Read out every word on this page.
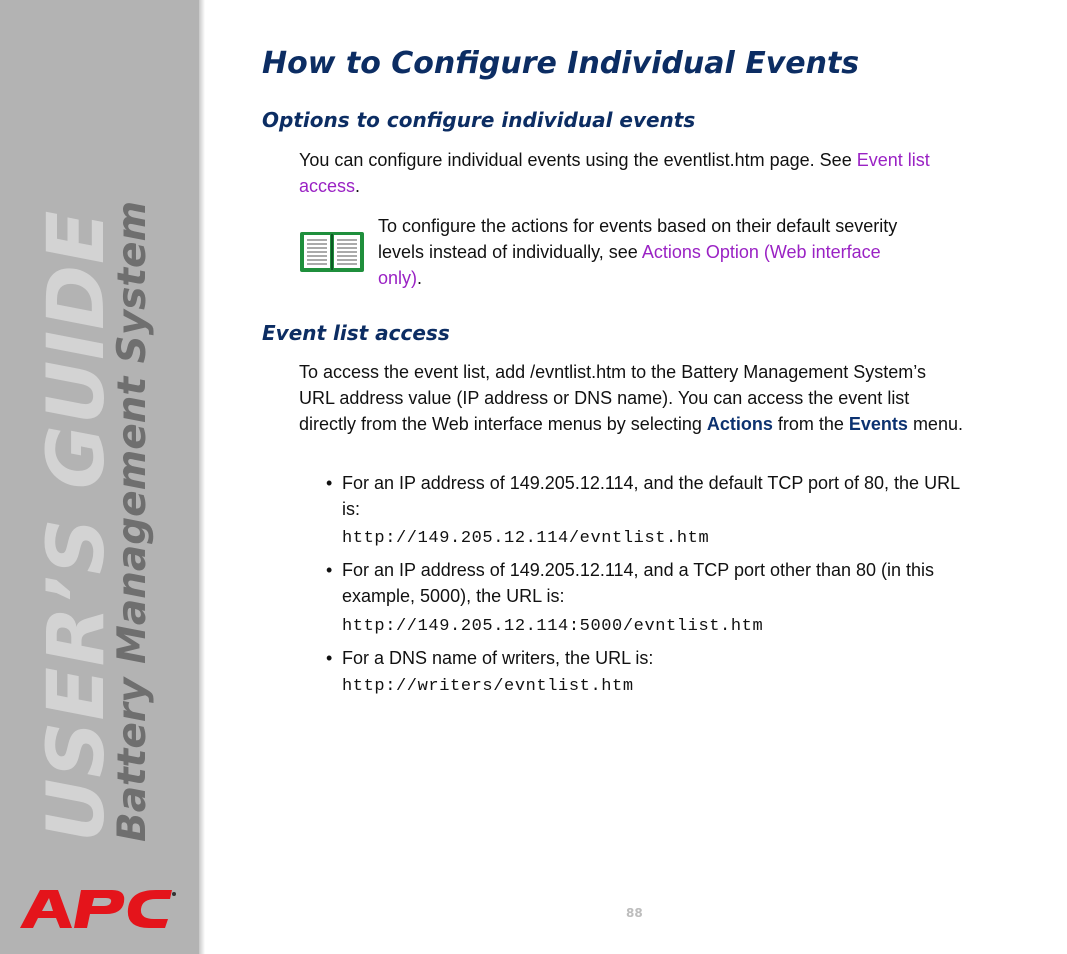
USER’S GUIDE
Battery Management System
How to Configure Individual Events
Options to configure individual events
You can configure individual events using the eventlist.htm page. See Event list access.
To configure the actions for events based on their default severity levels instead of individually, see Actions Option (Web interface only).
Event list access
To access the event list, add /evntlist.htm to the Battery Management System’s URL address value (IP address or DNS name). You can access the event list directly from the Web interface menus by selecting Actions from the Events menu.
• For an IP address of 149.205.12.114, and the default TCP port of 80, the URL is:
http://149.205.12.114/evntlist.htm
• For an IP address of 149.205.12.114, and a TCP port other than 80 (in this example, 5000), the URL is:
http://149.205.12.114:5000/evntlist.htm
• For a DNS name of writers, the URL is:
http://writers/evntlist.htm
88
